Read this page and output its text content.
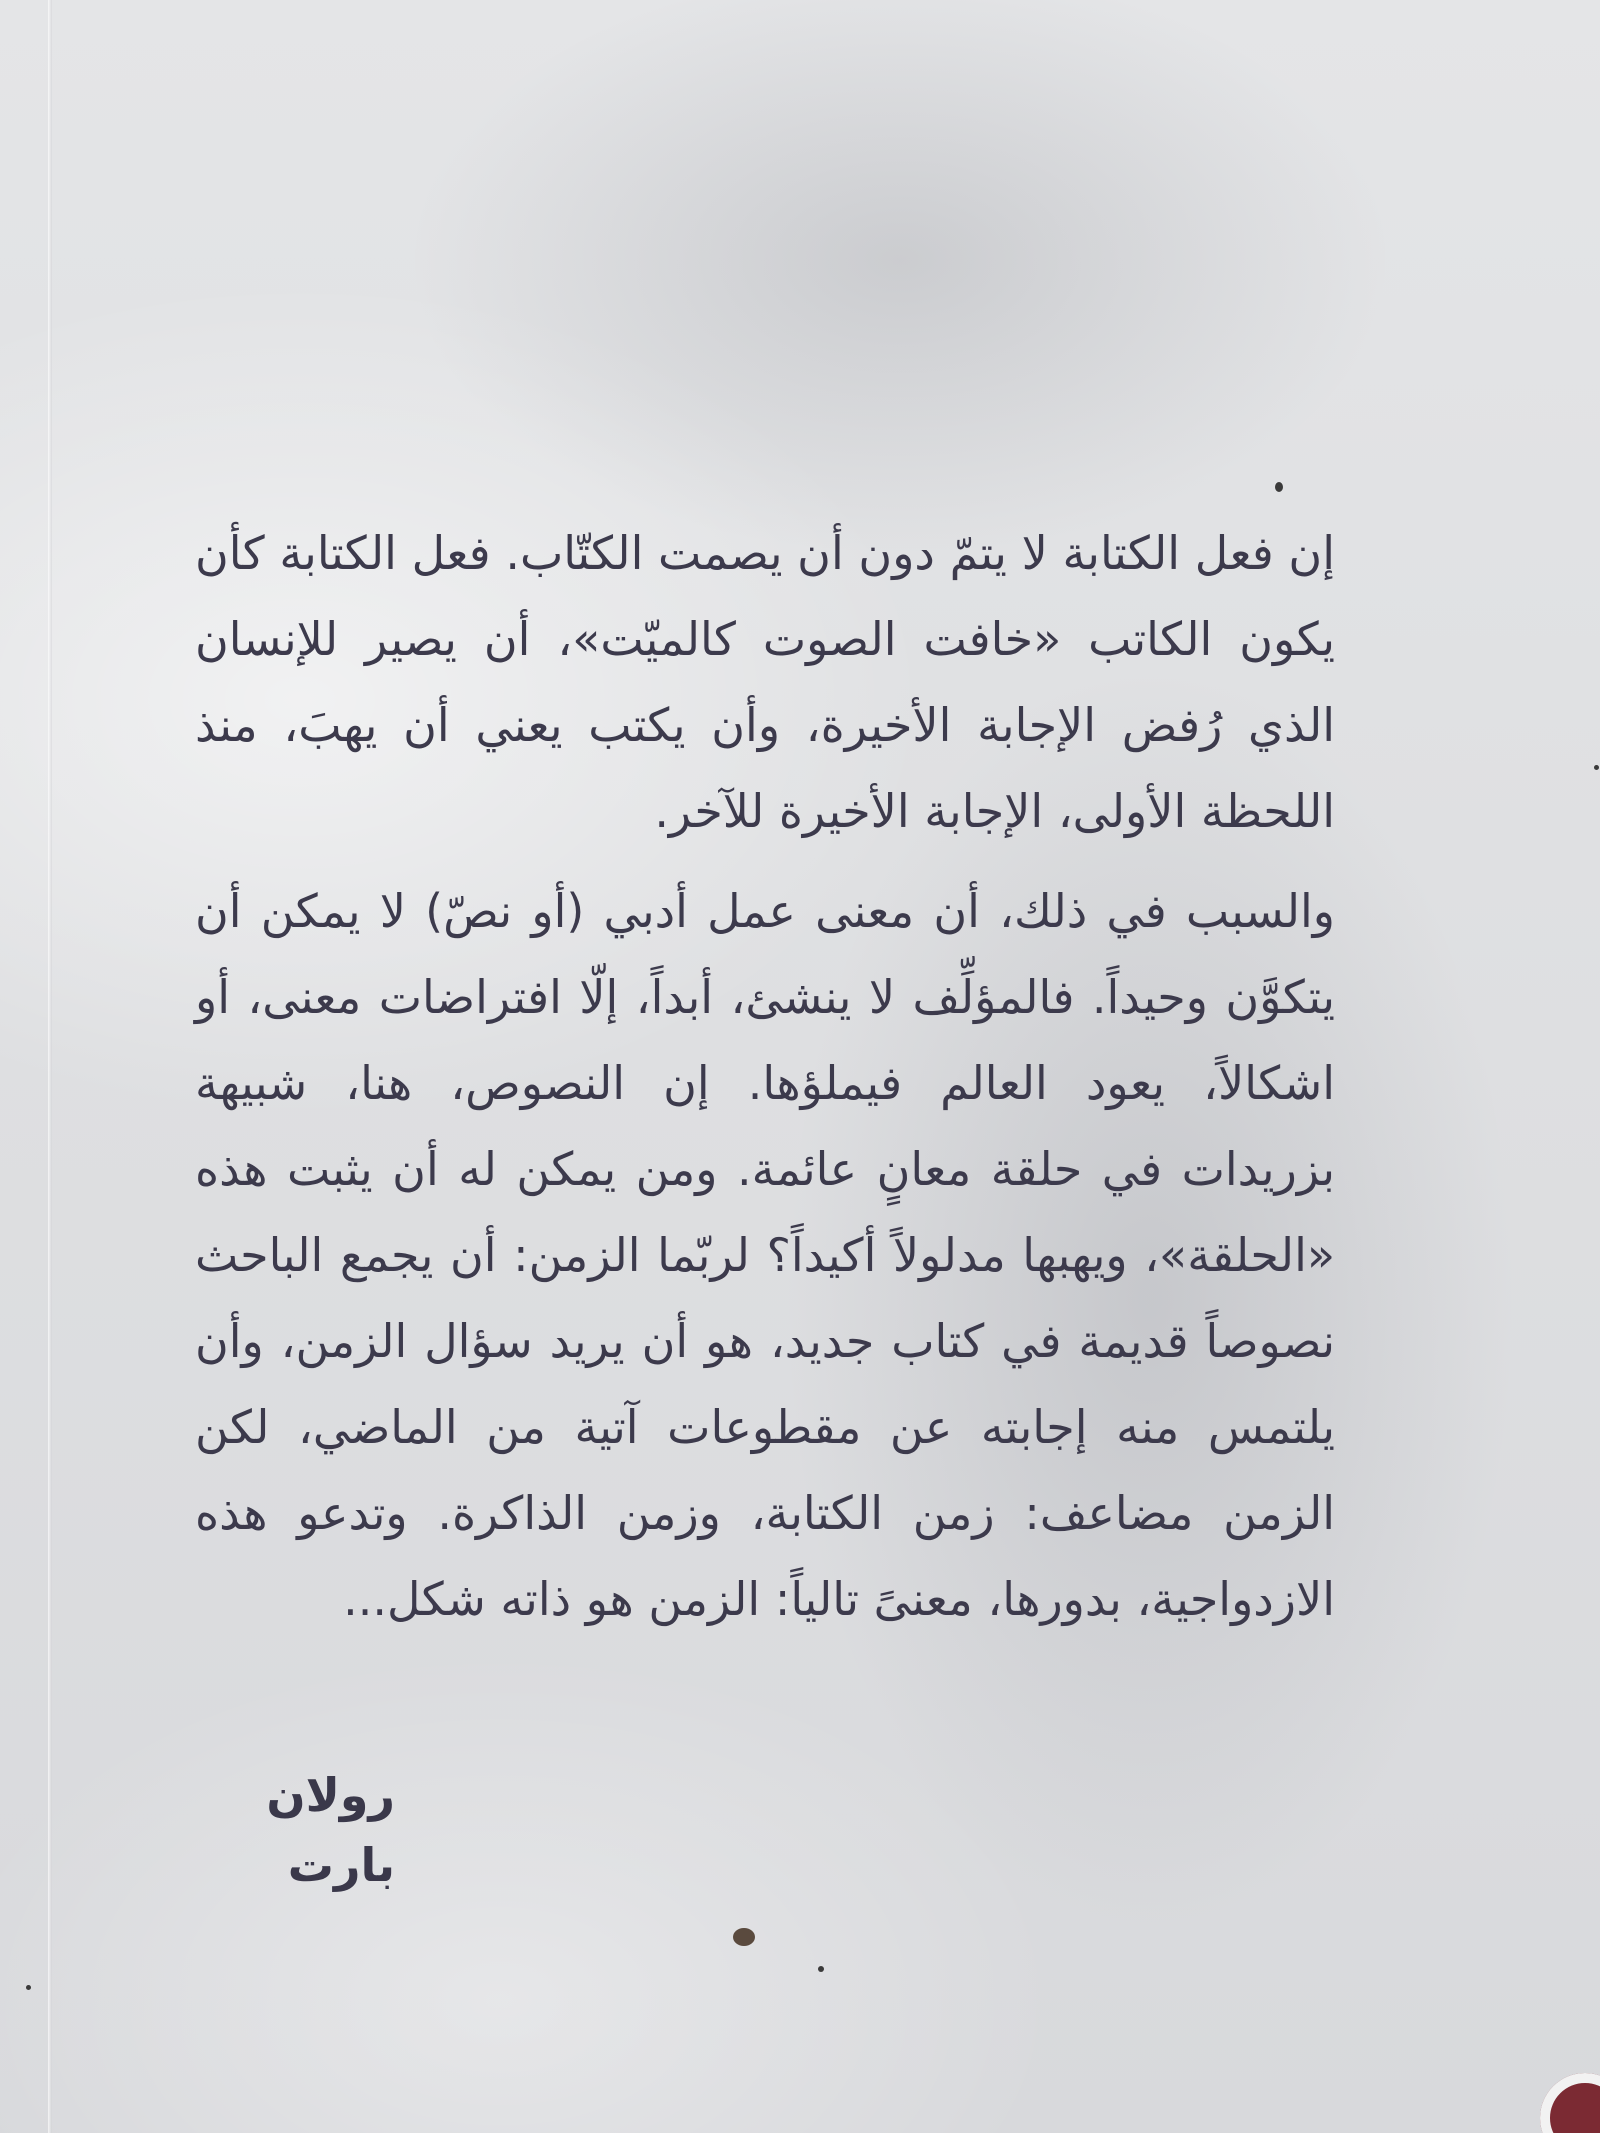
إن فعل الكتابة لا يتمّ دون أن يصمت الكتّاب. فعل الكتابة كأن يكون الكاتب «خافت الصوت كالميّت»، أن يصير للإنسان الذي رُفض الإجابة الأخيرة، وأن يكتب يعني أن يهبَ، منذ اللحظة الأولى، الإجابة الأخيرة للآخر.

والسبب في ذلك، أن معنى عمل أدبي (أو نصّ) لا يمكن أن يتكوَّن وحيداً. فالمؤلِّف لا ينشئ، أبداً، إلّا افتراضات معنى، أو اشكالاً، يعود العالم فيملؤها. إن النصوص، هنا، شبيهة بزريدات في حلقة معانٍ عائمة. ومن يمكن له أن يثبت هذه «الحلقة»، ويهبها مدلولاً أكيداً؟ لربّما الزمن: أن يجمع الباحث نصوصاً قديمة في كتاب جديد، هو أن يريد سؤال الزمن، وأن يلتمس منه إجابته عن مقطوعات آتية من الماضي، لكن الزمن مضاعف: زمن الكتابة، وزمن الذاكرة. وتدعو هذه الازدواجية، بدورها، معنىً تالياً: الزمن هو ذاته شكل...

رولان بارت
